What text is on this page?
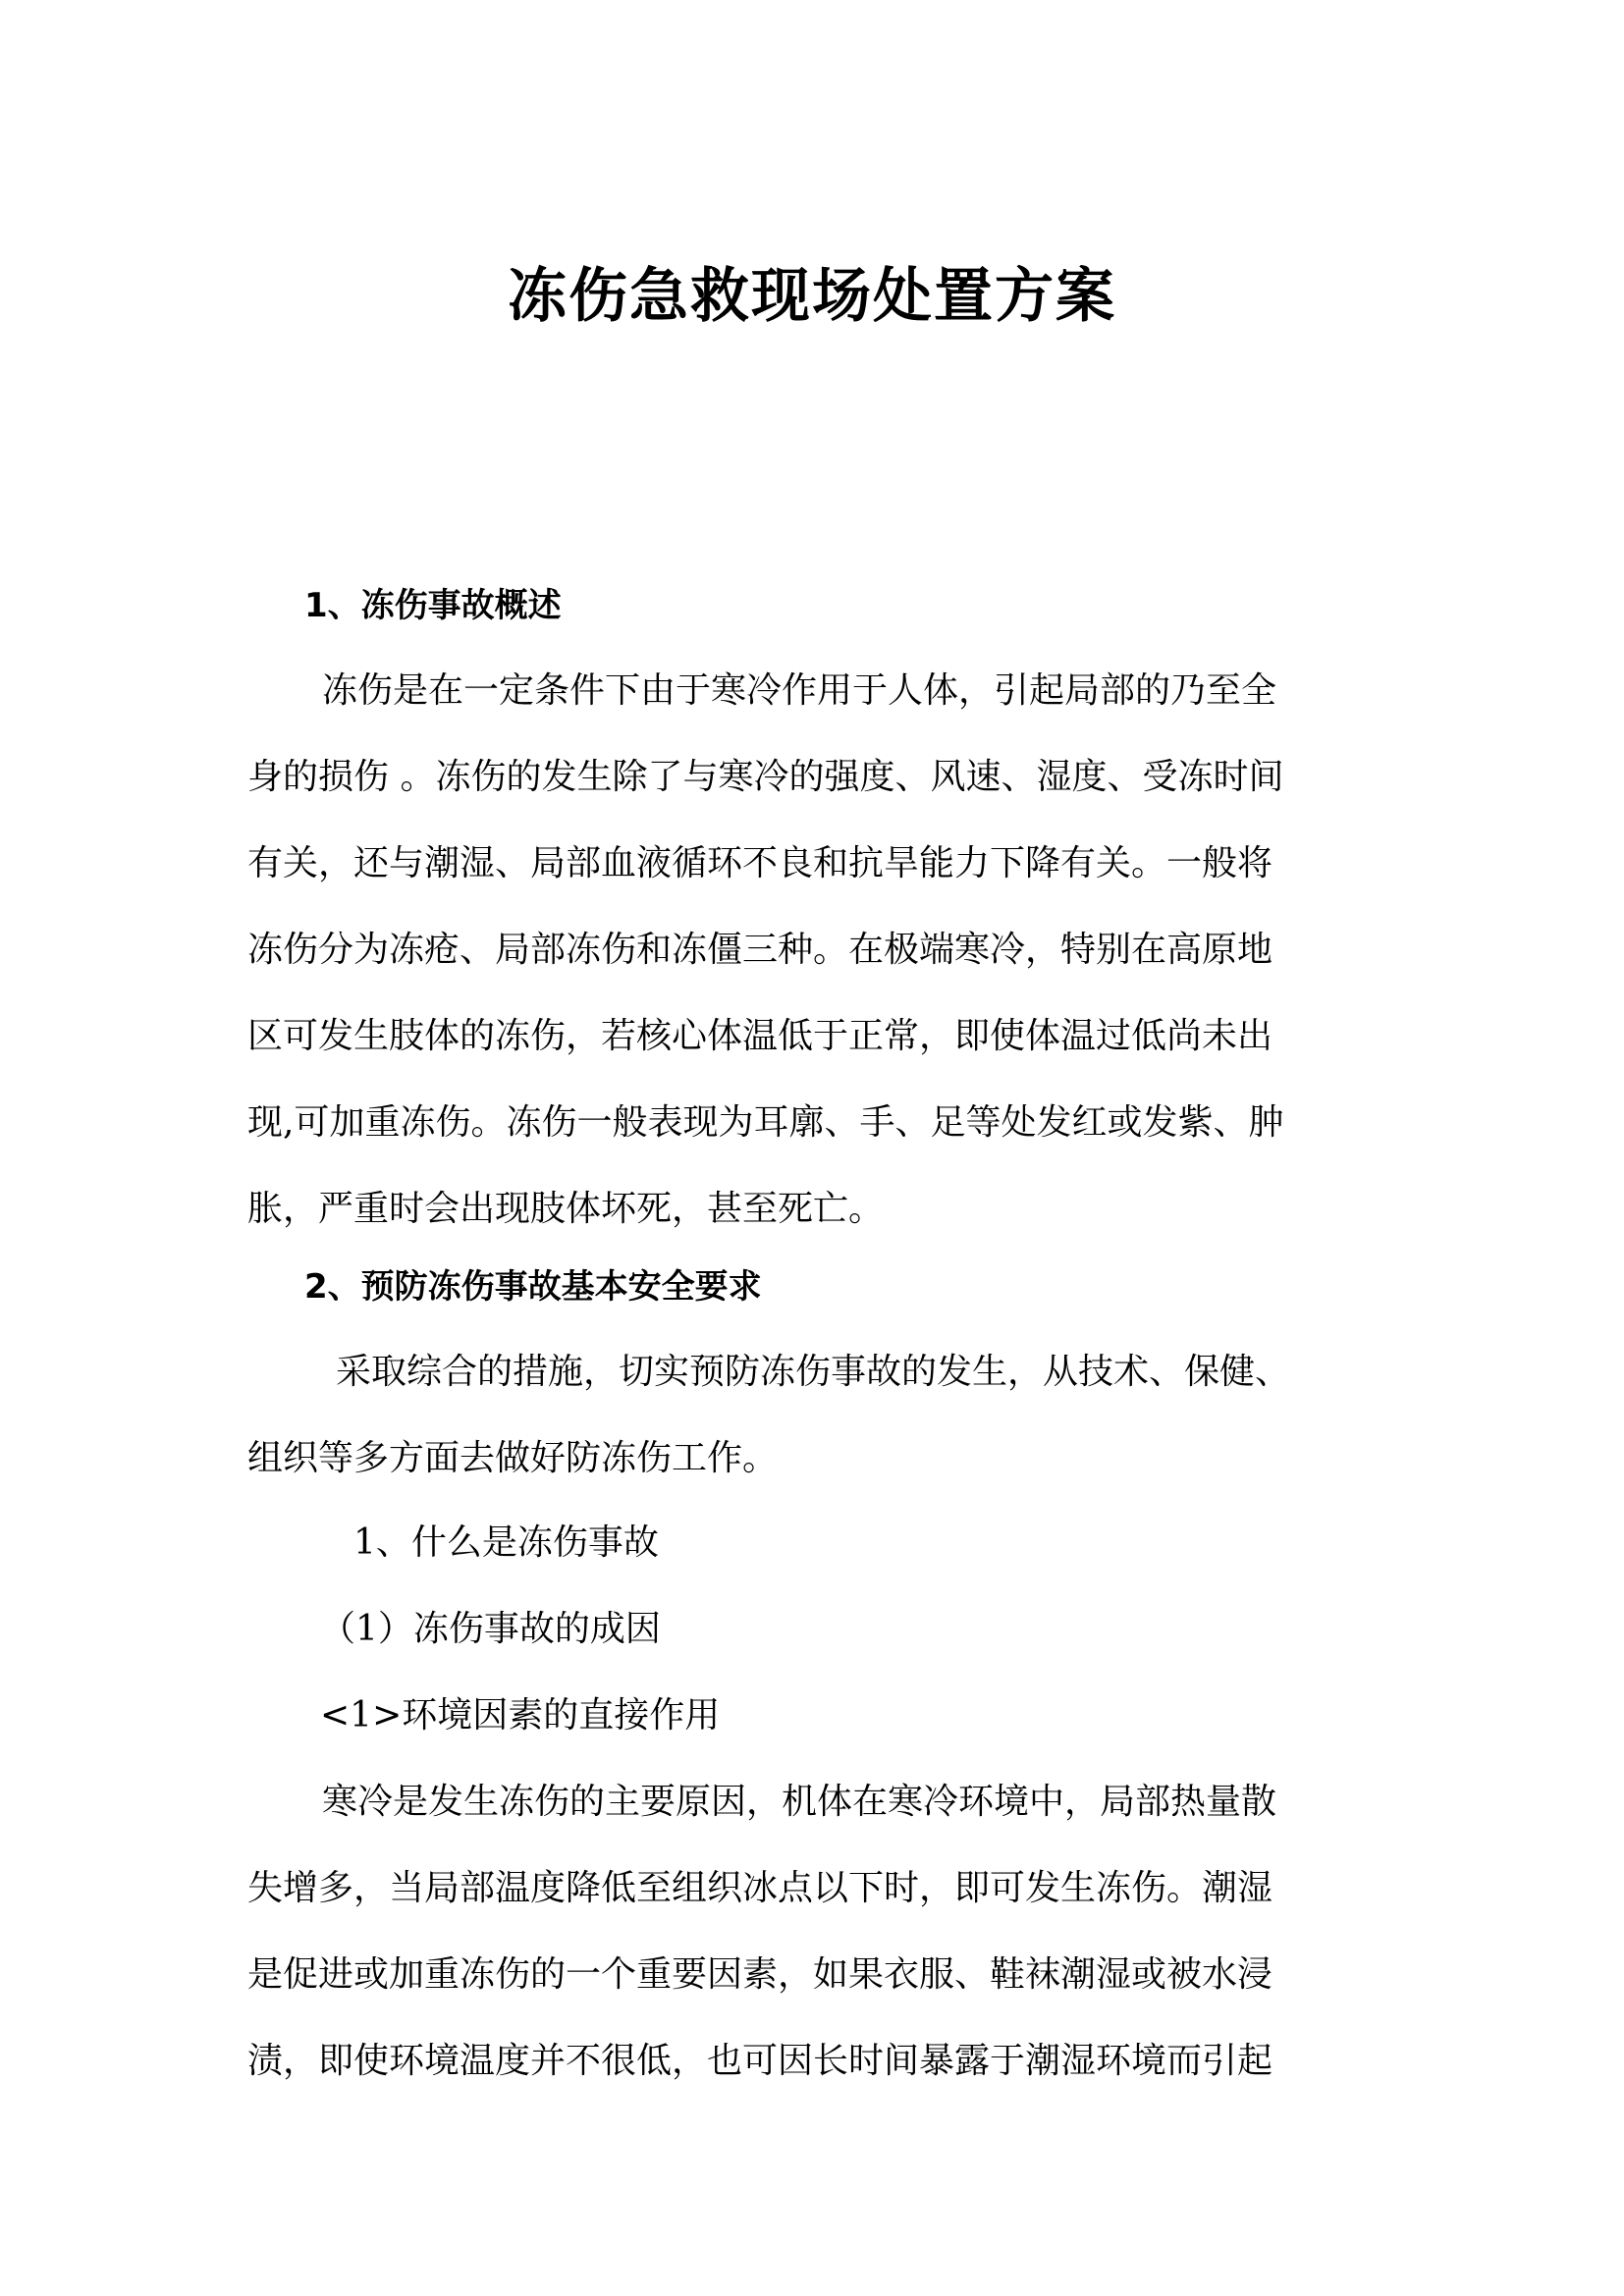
冻伤急救现场处置方案
1、冻伤事故概述
冻伤是在一定条件下由于寒冷作用于人体，引起局部的乃至全
身的损伤 。冻伤的发生除了与寒冷的强度、风速、湿度、受冻时间
有关，还与潮湿、局部血液循环不良和抗旱能力下降有关。一般将
冻伤分为冻疮、局部冻伤和冻僵三种。在极端寒冷，特别在高原地
区可发生肢体的冻伤，若核心体温低于正常，即使体温过低尚未出
现,可加重冻伤。冻伤一般表现为耳廓、手、足等处发红或发紫、肿
胀，严重时会出现肢体坏死，甚至死亡。
2、预防冻伤事故基本安全要求
采取综合的措施，切实预防冻伤事故的发生，从技术、保健、
组织等多方面去做好防冻伤工作。

1、什么是冻伤事故

（1）冻伤事故的成因

<1>环境因素的直接作用

寒冷是发生冻伤的主要原因，机体在寒冷环境中，局部热量散
失增多，当局部温度降低至组织冰点以下时，即可发生冻伤。潮湿
是促进或加重冻伤的一个重要因素，如果衣服、鞋袜潮湿或被水浸
渍，即使环境温度并不很低，也可因长时间暴露于潮湿环境而引起
